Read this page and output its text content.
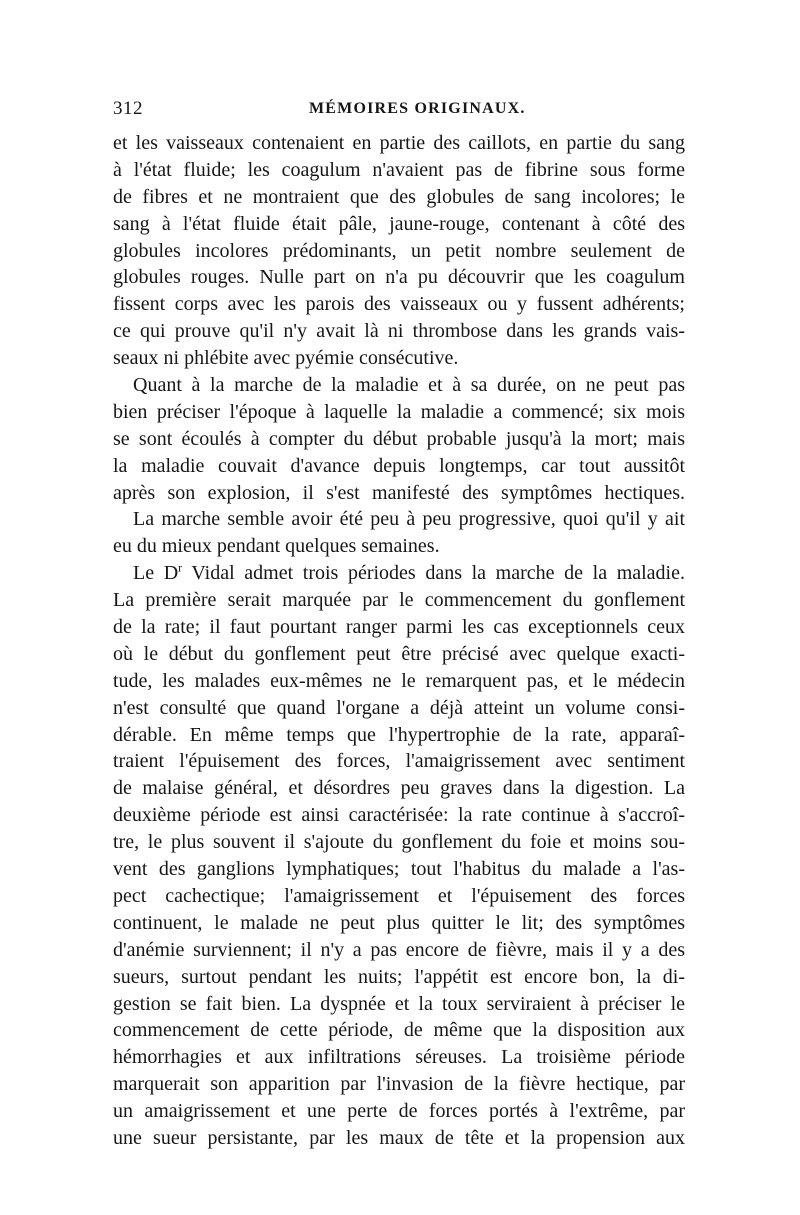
312	MÉMOIRES ORIGINAUX.
et les vaisseaux contenaient en partie des caillots, en partie du sang
à l'état fluide; les coagulum n'avaient pas de fibrine sous forme
de fibres et ne montraient que des globules de sang incolores; le
sang à l'état fluide était pâle, jaune-rouge, contenant à côté des
globules incolores prédominants, un petit nombre seulement de
globules rouges. Nulle part on n'a pu découvrir que les coagulum
fissent corps avec les parois des vaisseaux ou y fussent adhérents;
ce qui prouve qu'il n'y avait là ni thrombose dans les grands vais-
seaux ni phlébite avec pyémie consécutive.
Quant à la marche de la maladie et à sa durée, on ne peut pas
bien préciser l'époque à laquelle la maladie a commencé; six mois
se sont écoulés à compter du début probable jusqu'à la mort; mais
la maladie couvait d'avance depuis longtemps, car tout aussitôt
après son explosion, il s'est manifesté des symptômes hectiques.
La marche semble avoir été peu à peu progressive, quoi qu'il y ait
eu du mieux pendant quelques semaines.
Le $D^r$ Vidal admet trois périodes dans la marche de la maladie.
La première serait marquée par le commencement du gonflement
de la rate; il faut pourtant ranger parmi les cas exceptionnels ceux
où le début du gonflement peut être précisé avec quelque exacti-
tude, les malades eux-mêmes ne le remarquent pas, et le médecin
n'est consulté que quand l'organe a déjà atteint un volume consi-
dérable. En même temps que l'hypertrophie de la rate, apparaî-
traient l'épuisement des forces, l'amaigrissement avec sentiment
de malaise général, et désordres peu graves dans la digestion. La
deuxième période est ainsi caractérisée: la rate continue à s'accroî-
tre, le plus souvent il s'ajoute du gonflement du foie et moins sou-
vent des ganglions lymphatiques; tout l'habitus du malade a l'as-
pect cachectique; l'amaigrissement et l'épuisement des forces
continuent, le malade ne peut plus quitter le lit; des symptômes
d'anémie surviennent; il n'y a pas encore de fièvre, mais il y a des
sueurs, surtout pendant les nuits; l'appétit est encore bon, la di-
gestion se fait bien. La dyspnée et la toux serviraient à préciser le
commencement de cette période, de même que la disposition aux
hémorrhagies et aux infiltrations séreuses. La troisième période
marquerait son apparition par l'invasion de la fièvre hectique, par
un amaigrissement et une perte de forces portés à l'extrême, par
une sueur persistante, par les maux de tête et la propension aux
